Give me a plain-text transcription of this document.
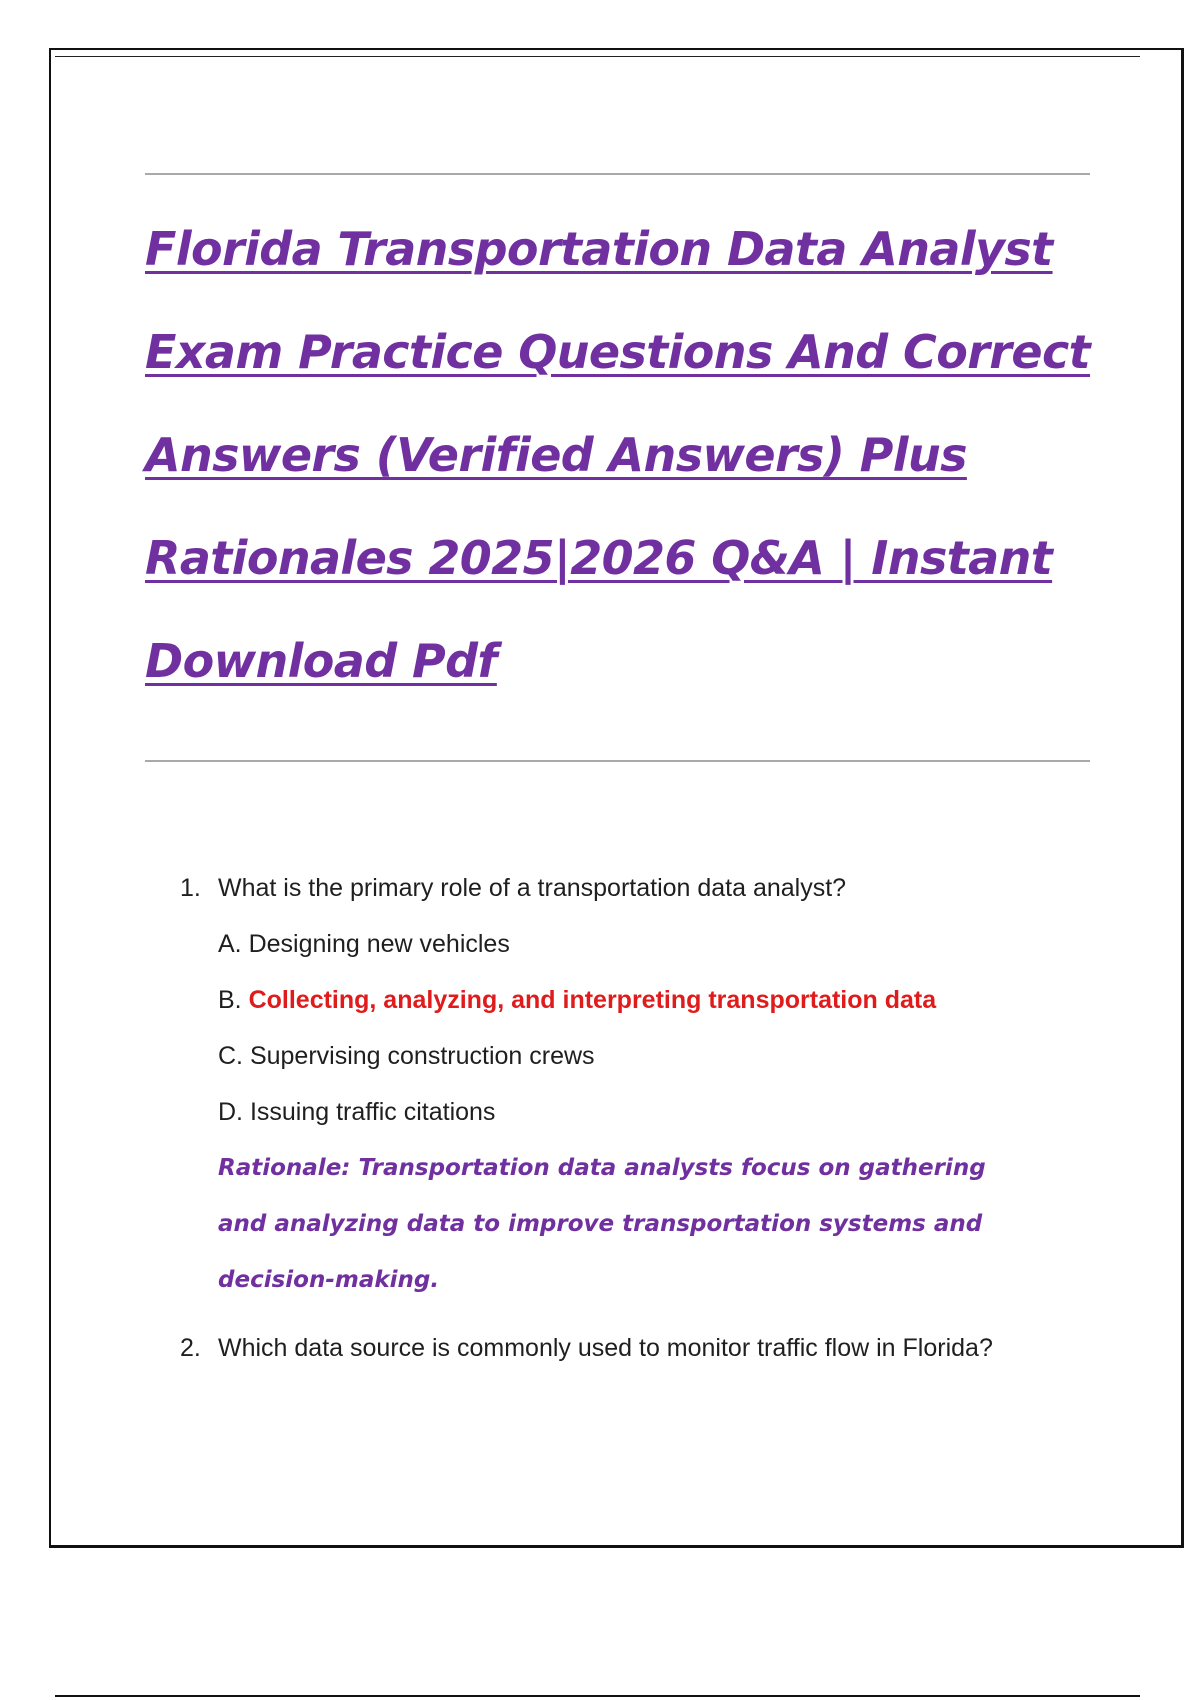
Florida Transportation Data Analyst
Exam Practice Questions And Correct
Answers (Verified Answers) Plus
Rationales 2025|2026 Q&A | Instant
Download Pdf
1. What is the primary role of a transportation data analyst?
A. Designing new vehicles
B. Collecting, analyzing, and interpreting transportation data
C. Supervising construction crews
D. Issuing traffic citations
Rationale: Transportation data analysts focus on gathering and analyzing data to improve transportation systems and decision-making.
2. Which data source is commonly used to monitor traffic flow in Florida?
